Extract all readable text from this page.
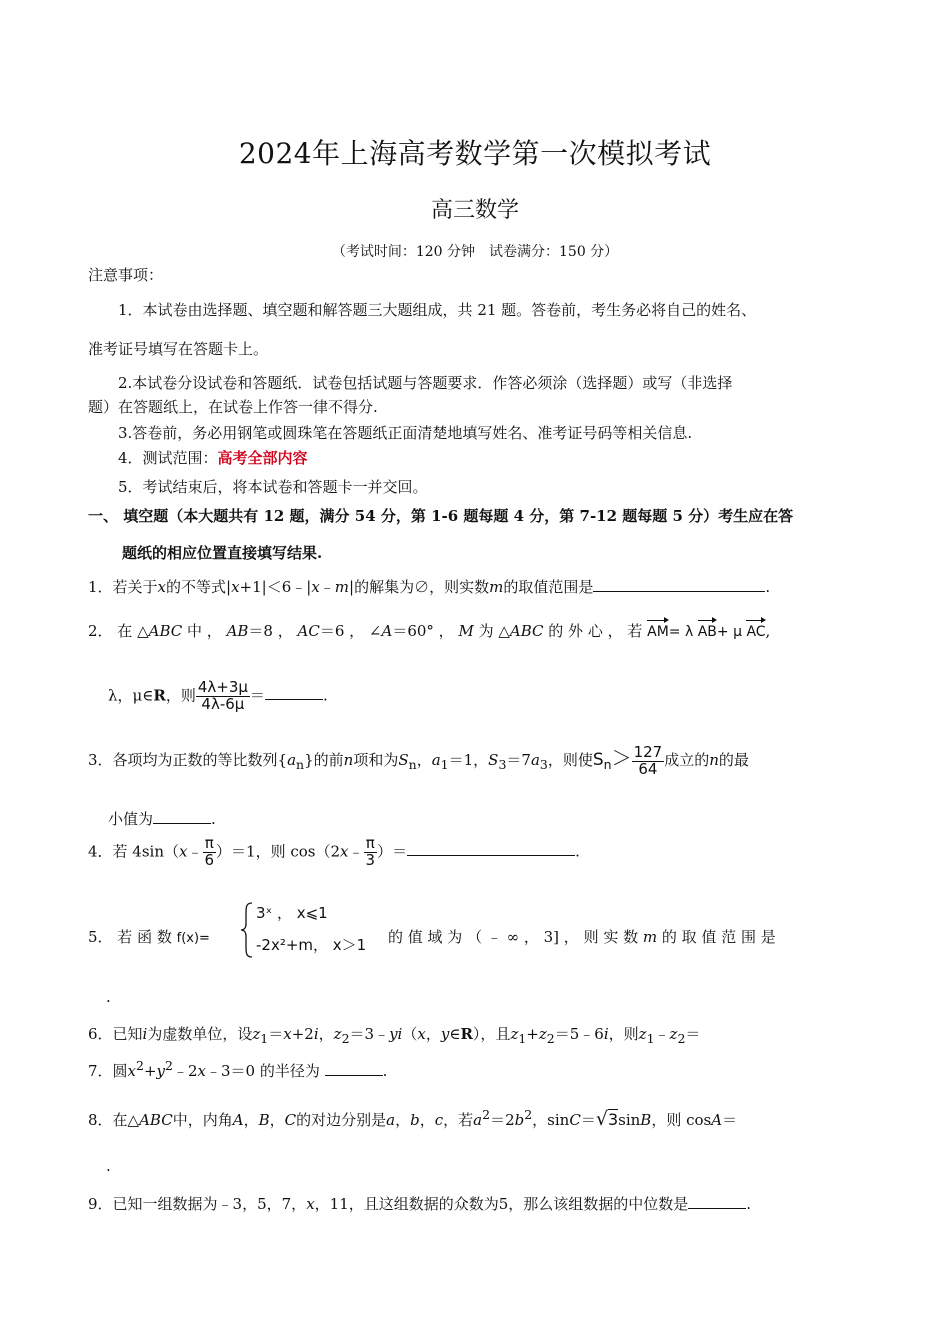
2024年上海高考数学第一次模拟考试
高三数学
（考试时间：120 分钟　试卷满分：150 分）
注意事项：
1．本试卷由选择题、填空题和解答题三大题组成，共 21 题。答卷前，考生务必将自己的姓名、
准考证号填写在答题卡上。
2.本试卷分设试卷和答题纸．试卷包括试题与答题要求．作答必须涂（选择题）或写（非选择
题）在答题纸上，在试卷上作答一律不得分.
3.答卷前，务必用钢笔或圆珠笔在答题纸正面清楚地填写姓名、准考证号码等相关信息.
4．测试范围：高考全部内容
5．考试结束后，将本试卷和答题卡一并交回。
一、 填空题（本大题共有 12 题，满分 54 分，第 1-6 题每题 4 分，第 7-12 题每题 5 分）考生应在答
题纸的相应位置直接填写结果.
1．若关于x的不等式|x+1|＜6﹣|x﹣m|的解集为∅，则实数m的取值范围是	.
2． 在 △ABC 中 ， AB＝8 ， AC＝6 ， ∠A＝60° ， M 为 △ABC 的 外 心 ， 若 AM= λ AB+ μ AC,
λ，μ∈R，则 $\frac{4\lambda+3\mu}{4\lambda-6\mu}$ ＝	.
3．各项均为正数的等比数列$\{a_n\}$的前n项和为$S_n$，$a_1=1$，$S_3=7a_3$，则使$S_n> \frac{127}{64}$ 成立的n的最
小值为	.
4．若 4sin（x﹣ $\frac{\pi}{6} )=1$，则 cos（2x﹣ $\frac{\pi}{3}$ ）＝	.
5． 若 函 数 f(x)=
3ˣ ， x⩽1
-2x²+m， x＞1 的 值 域 为 （ ﹣ ∞ ， 3] ， 则 实 数 m 的 取 值 范 围 是
.
6．已知i为虚数单位，设$z_1=x+2i$，$z_2=3﹣yi(x$，y∈R），且$z_1+z_2=5﹣6i$，则$z_1﹣z_2=$
7．圆$x^2+y^2﹣2x﹣3=0$ 的半径为	.
8．在△ABC中，内角A，B，C的对边分别是a，b，c，若$a^2=2b^2$，sinC＝√3sinB，则 cosA＝
.
9．已知一组数据为﹣3，5，7，x，11，且这组数据的众数为5，那么该组数据的中位数是	.
